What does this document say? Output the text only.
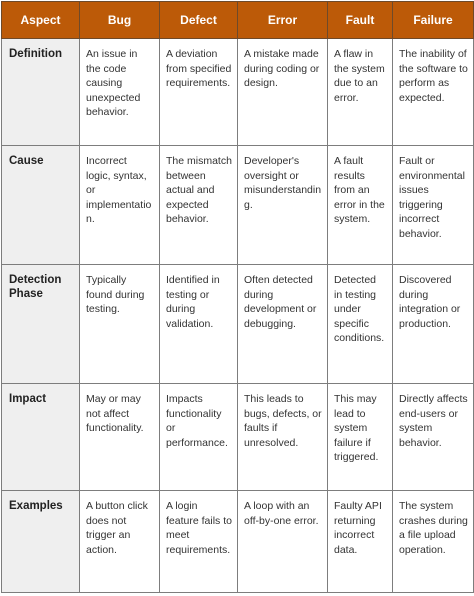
Aspect	Bug	Defect	Error	Fault	Failure
Definition	An issue in the code causing unexpected behavior.	A deviation from specified requirements.	A mistake made during coding or design.	A flaw in the system due to an error.	The inability of the software to perform as expected.
Cause	Incorrect logic, syntax, or implementation.	The mismatch between actual and expected behavior.	Developer's oversight or misunderstanding.	A fault results from an error in the system.	Fault or environmental issues triggering incorrect behavior.
Detection Phase	Typically found during testing.	Identified in testing or during validation.	Often detected during development or debugging.	Detected in testing under specific conditions.	Discovered during integration or production.
Impact	May or may not affect functionality.	Impacts functionality or performance.	This leads to bugs, defects, or faults if unresolved.	This may lead to system failure if triggered.	Directly affects end-users or system behavior.
Examples	A button click does not trigger an action.	A login feature fails to meet requirements.	A loop with an off-by-one error.	Faulty API returning incorrect data.	The system crashes during a file upload operation.
